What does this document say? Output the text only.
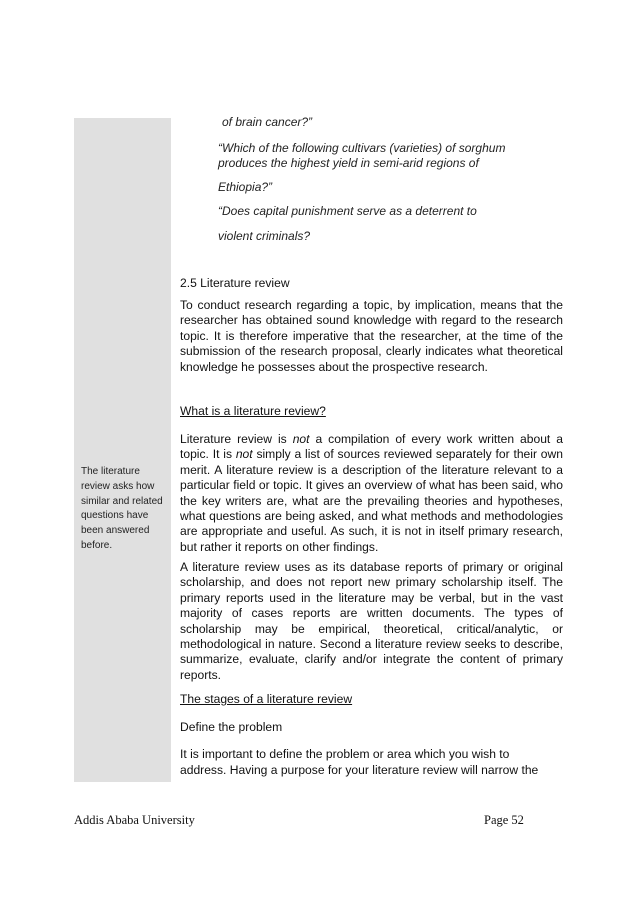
The literature review asks how similar and related questions have been answered before.
of brain cancer?”
“Which of the following cultivars (varieties) of sorghum
produces the highest yield in semi-arid regions of
Ethiopia?”
“Does capital punishment serve as a deterrent to
violent criminals?
2.5 Literature review
To conduct research regarding a topic, by implication, means that the researcher has obtained sound knowledge with regard to the research topic. It is therefore imperative that the researcher, at the time of the submission of the research proposal, clearly indicates what theoretical knowledge he possesses about the prospective research.
What is a literature review?
Literature review is not a compilation of every work written about a topic. It is not simply a list of sources reviewed separately for their own merit. A literature review is a description of the literature relevant to a particular field or topic. It gives an overview of what has been said, who the key writers are, what are the prevailing theories and hypotheses, what questions are being asked, and what methods and methodologies are appropriate and useful. As such, it is not in itself primary research, but rather it reports on other findings.
A literature review uses as its database reports of primary or original scholarship, and does not report new primary scholarship itself. The primary reports used in the literature may be verbal, but in the vast majority of cases reports are written documents. The types of scholarship may be empirical, theoretical, critical/analytic, or methodological in nature. Second a literature review seeks to describe, summarize, evaluate, clarify and/or integrate the content of primary reports.
The stages of a literature review
Define the problem
It is important to define the problem or area which you wish to
address. Having a purpose for your literature review will narrow the
Addis Ababa University	Page 52
